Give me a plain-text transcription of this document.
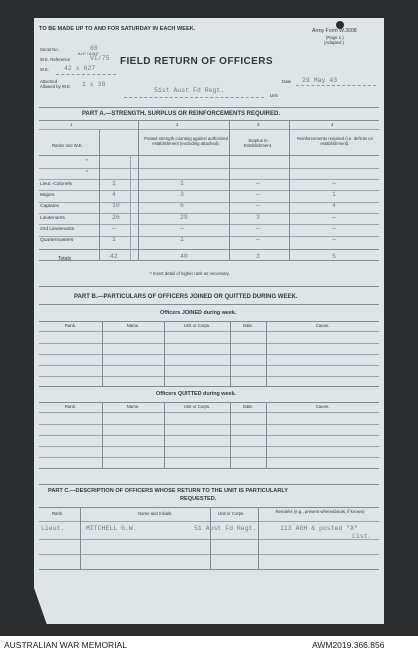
TO BE MADE UP TO AND FOR SATURDAY IN EACH WEEK.	Army Form W.3008
(Page 1.)
(Adapted.)
Serial No.	65
W.E. Reference
A.I.F. / A.M.F.
VI/75 FIELD RETURN OF OFFICERS
W.E. 42 x 627
Date 29 May 43
Attached
Allowed by W.E. 1 x 38
51st Aust Fd Regt.
Unit
PART A.—STRENGTH, SURPLUS OR REINFORCEMENTS REQUIRED.
1	2	3	4
Ranks and W.E.
Posted strength counting against authorized establishment (excluding attached).
Surplus to Establishment.
Reinforcements required (i.e. deficits on establishment).
*
*
Lieut.-Colonels	1	1	—	—
Majors	4	3	—	1
Captains	10	6	—	4
Lieutenants	26	29	3	—
2nd Lieutenants	—	—	—	—
Quartermasters	1	1	—	—
Totals	42	40	3	5
* Insert detail of higher rank as necessary.
PART B.—PARTICULARS OF OFFICERS JOINED OR QUITTED DURING WEEK.
Officers JOINED during week.
Rank.	Name.	Unit or Corps.	Date.	Cause.
Officers QUITTED during week.
Rank.	Name.	Unit or Corps.	Date.	Cause.
PART C.—DESCRIPTION OF OFFICERS WHOSE RETURN TO THE UNIT IS PARTICULARLY
REQUESTED.
Rank.	Name and Initials.	Unit or Corps.	Remarks (e.g., present whereabouts, if known)
Lieut.	MITCHELL G.W.	51 Aust Fd Regt.	113 AGH & posted "X"
List.
AUSTRALIAN WAR MEMORIAL	AWM2019.366.856
